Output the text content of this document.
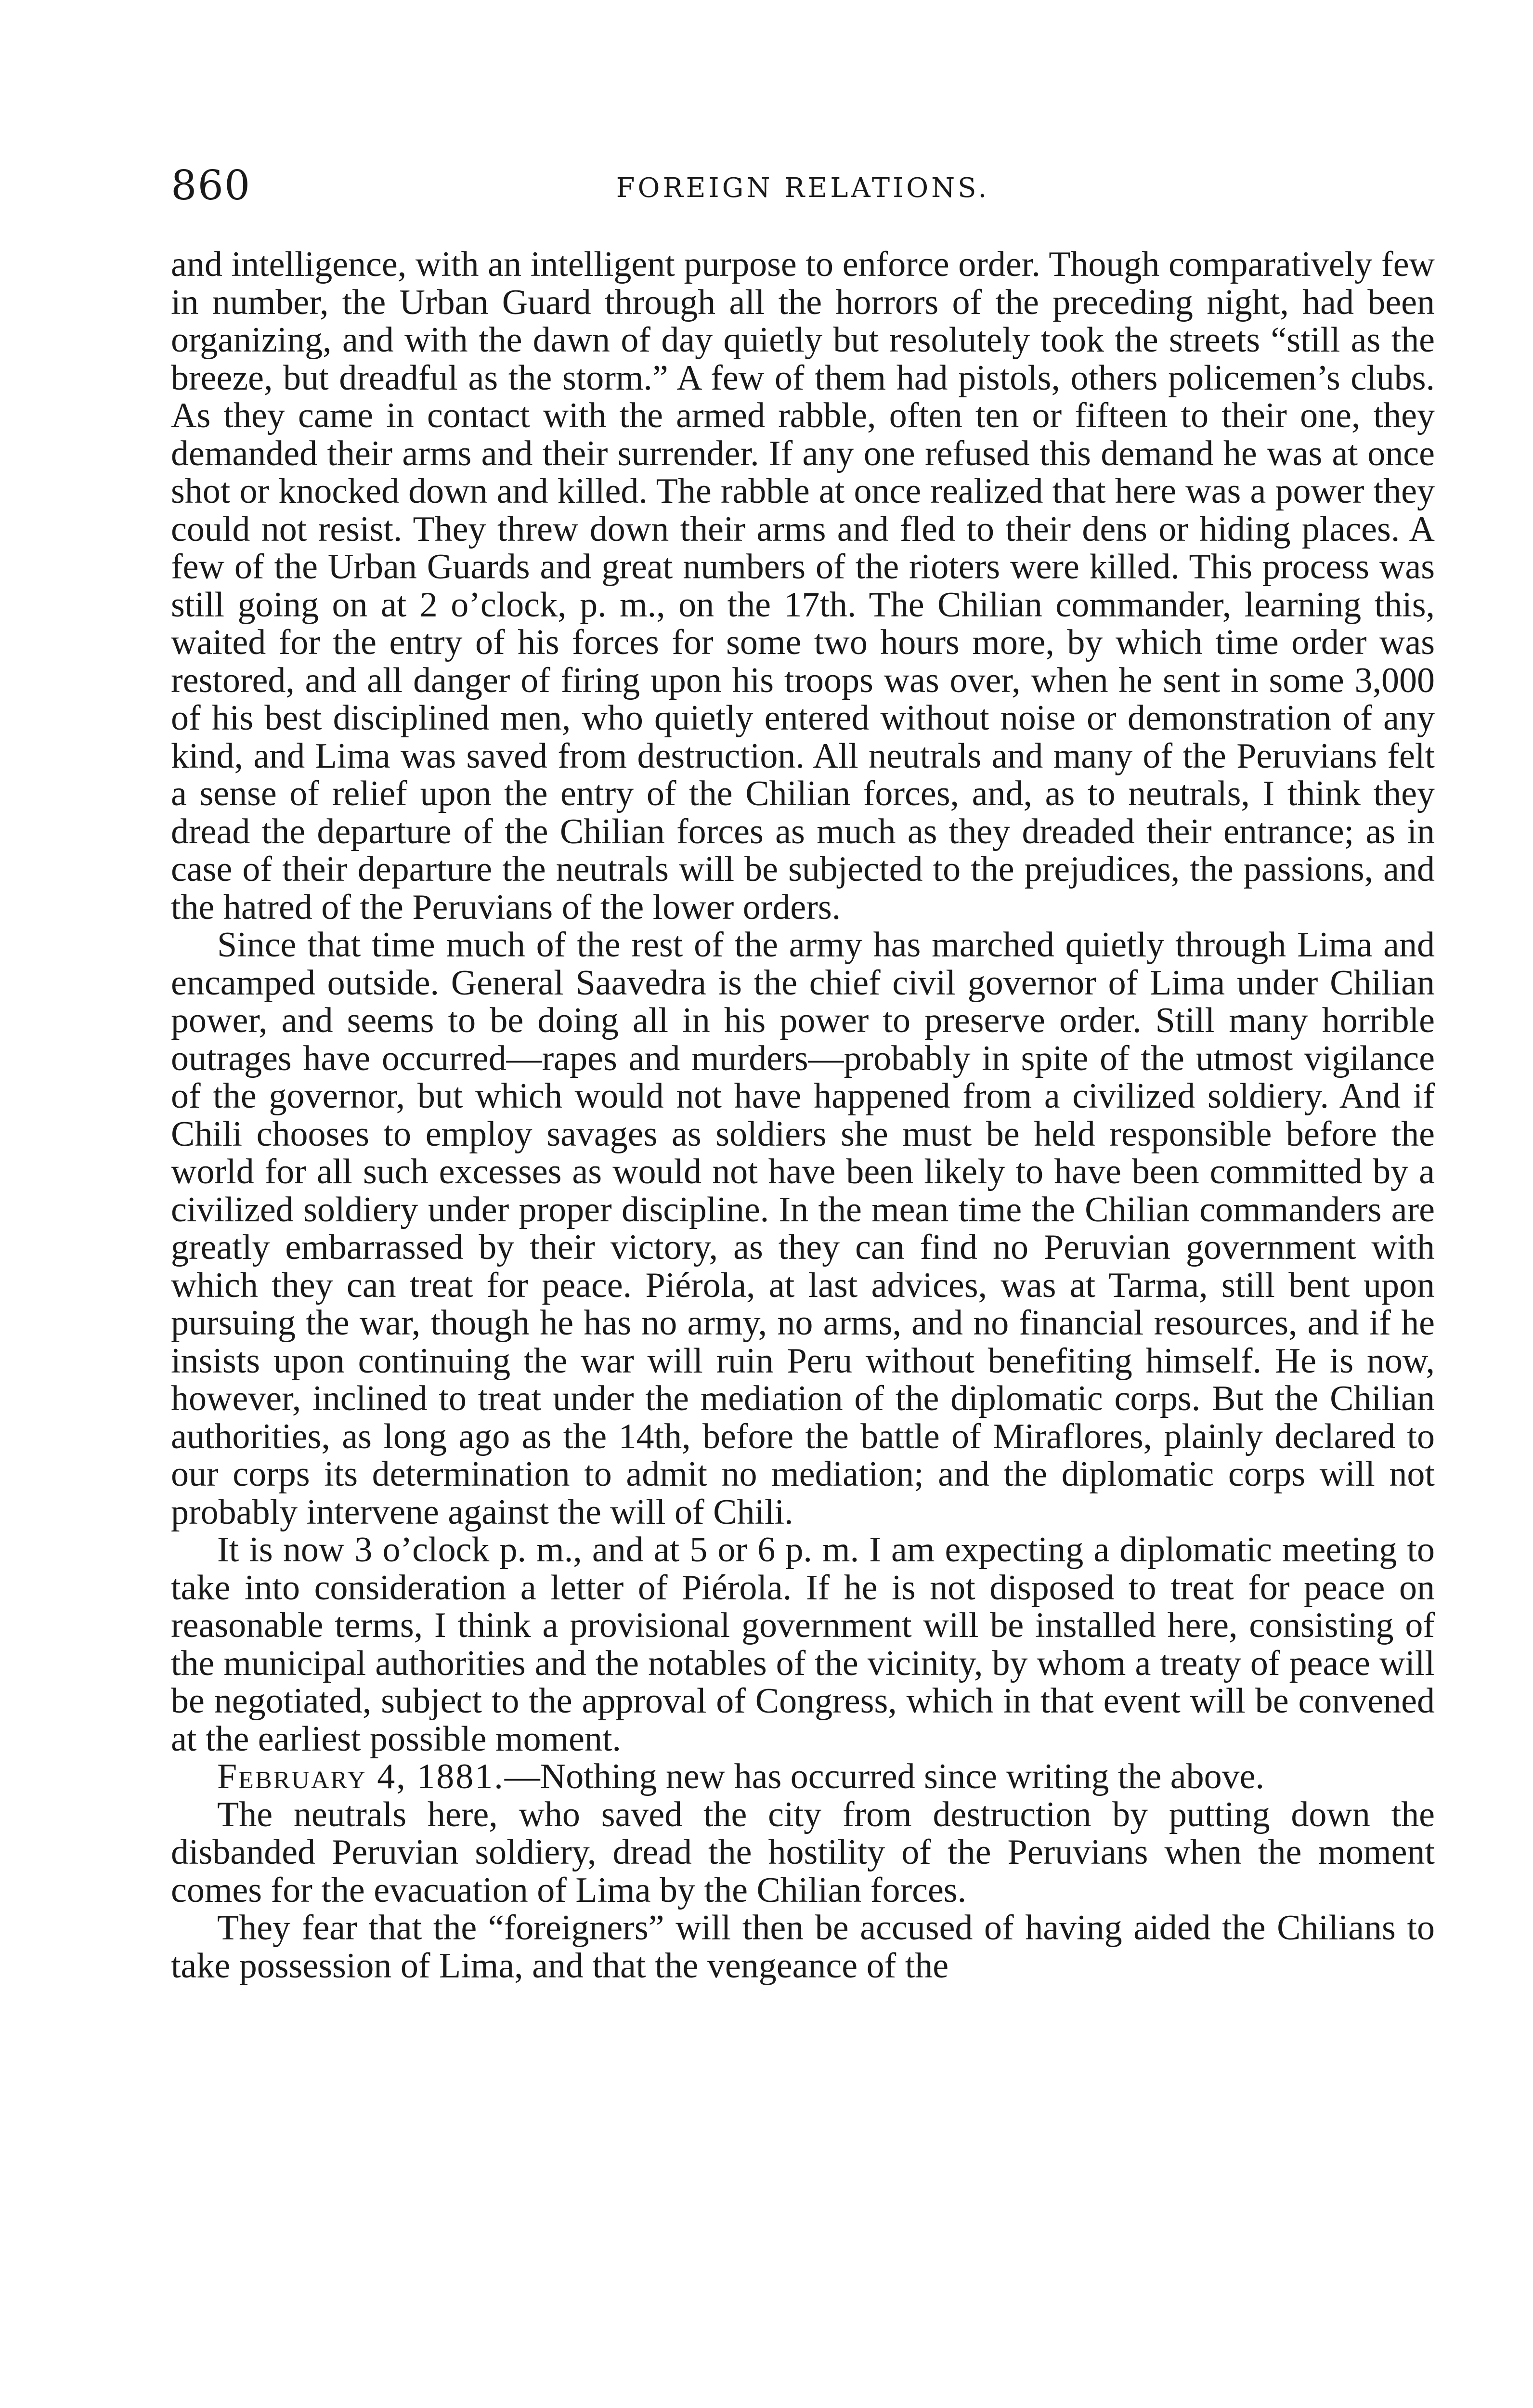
860	FOREIGN RELATIONS.

and intelligence, with an intelligent purpose to enforce order. Though comparatively few in number, the Urban Guard through all the horrors of the preceding night, had been organizing, and with the dawn of day quietly but resolutely took the streets “still as the breeze, but dreadful as the storm.” A few of them had pistols, others policemen’s clubs. As they came in contact with the armed rabble, often ten or fifteen to their one, they demanded their arms and their surrender. If any one refused this demand he was at once shot or knocked down and killed. The rabble at once realized that here was a power they could not resist. They threw down their arms and fled to their dens or hiding places. A few of the Urban Guards and great numbers of the rioters were killed. This process was still going on at 2 o’clock, p. m., on the 17th. The Chilian commander, learning this, waited for the entry of his forces for some two hours more, by which time order was restored, and all danger of firing upon his troops was over, when he sent in some 3,000 of his best disciplined men, who quietly entered without noise or demonstration of any kind, and Lima was saved from destruction. All neutrals and many of the Peruvians felt a sense of relief upon the entry of the Chilian forces, and, as to neutrals, I think they dread the departure of the Chilian forces as much as they dreaded their entrance; as in case of their departure the neutrals will be subjected to the prejudices, the passions, and the hatred of the Peruvians of the lower orders.

Since that time much of the rest of the army has marched quietly through Lima and encamped outside. General Saavedra is the chief civil governor of Lima under Chilian power, and seems to be doing all in his power to preserve order. Still many horrible outrages have occurred—rapes and murders—probably in spite of the utmost vigilance of the governor, but which would not have happened from a civilized soldiery. And if Chili chooses to employ savages as soldiers she must be held responsible before the world for all such excesses as would not have been likely to have been committed by a civilized soldiery under proper discipline. In the mean time the Chilian commanders are greatly embarrassed by their victory, as they can find no Peruvian government with which they can treat for peace. Piérola, at last advices, was at Tarma, still bent upon pursuing the war, though he has no army, no arms, and no financial resources, and if he insists upon continuing the war will ruin Peru without benefiting himself. He is now, however, inclined to treat under the mediation of the diplomatic corps. But the Chilian authorities, as long ago as the 14th, before the battle of Miraflores, plainly declared to our corps its determination to admit no mediation; and the diplomatic corps will not probably intervene against the will of Chili.

It is now 3 o’clock p. m., and at 5 or 6 p. m. I am expecting a diplomatic meeting to take into consideration a letter of Piérola. If he is not disposed to treat for peace on reasonable terms, I think a provisional government will be installed here, consisting of the municipal authorities and the notables of the vicinity, by whom a treaty of peace will be negotiated, subject to the approval of Congress, which in that event will be convened at the earliest possible moment.

February 4, 1881.—Nothing new has occurred since writing the above.

The neutrals here, who saved the city from destruction by putting down the disbanded Peruvian soldiery, dread the hostility of the Peruvians when the moment comes for the evacuation of Lima by the Chilian forces.

They fear that the “foreigners” will then be accused of having aided the Chilians to take possession of Lima, and that the vengeance of the
